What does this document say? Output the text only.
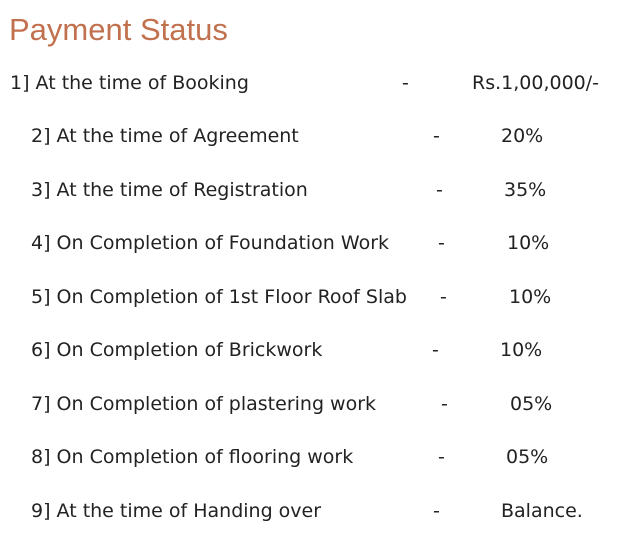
Payment Status
1] At the time of Booking	-	Rs.1,00,000/-
2] At the time of Agreement	-	20%
3] At the time of Registration	-	35%
4] On Completion of Foundation Work	-	10%
5] On Completion of 1st Floor Roof Slab -	10%
6] On Completion of Brickwork	-	10%
7] On Completion of plastering work	-	05%
8] On Completion of flooring work	-	05%
9] At the time of Handing over	-	Balance.
